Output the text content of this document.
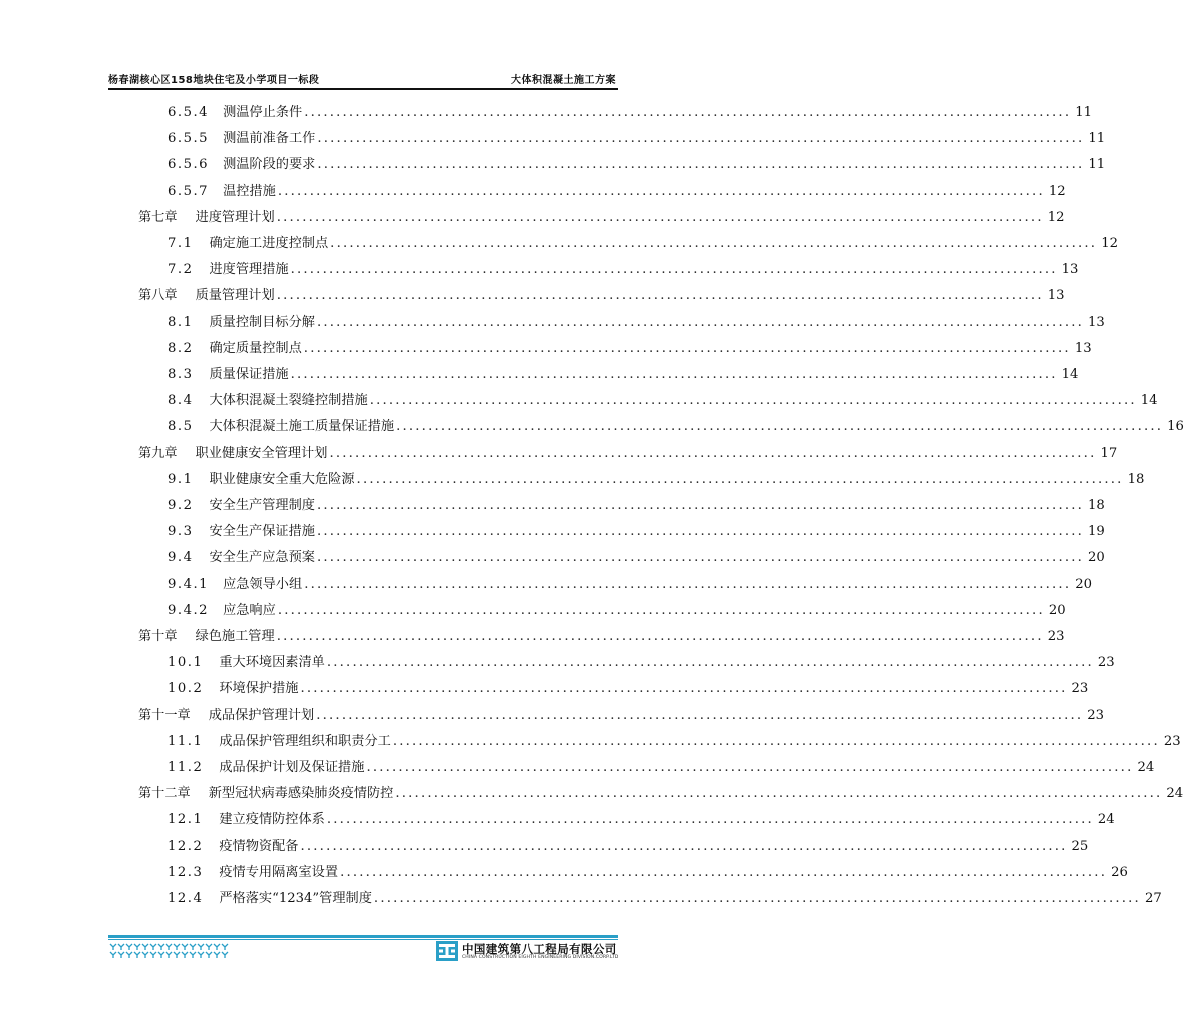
杨春湖核心区158地块住宅及小学项目一标段	大体积混凝土施工方案
6.5.4	测温停止条件 ........................................................................................................................ 11
6.5.5	测温前准备工作 ........................................................................................................................ 11
6.5.6	测温阶段的要求 ........................................................................................................................ 11
6.5.7	温控措施 ........................................................................................................................ 12
第七章	进度管理计划 ........................................................................................................................ 12
7.1	确定施工进度控制点 ........................................................................................................................ 12
7.2	进度管理措施 ........................................................................................................................ 13
第八章	质量管理计划 ........................................................................................................................ 13
8.1	质量控制目标分解 ........................................................................................................................ 13
8.2	确定质量控制点 ........................................................................................................................ 13
8.3	质量保证措施 ........................................................................................................................ 14
8.4	大体积混凝土裂缝控制措施 ........................................................................................................................ 14
8.5	大体积混凝土施工质量保证措施 ........................................................................................................................ 16
第九章	职业健康安全管理计划 ........................................................................................................................ 17
9.1	职业健康安全重大危险源 ........................................................................................................................ 18
9.2	安全生产管理制度 ........................................................................................................................ 18
9.3	安全生产保证措施 ........................................................................................................................ 19
9.4	安全生产应急预案 ........................................................................................................................ 20
9.4.1	应急领导小组 ........................................................................................................................ 20
9.4.2	应急响应 ........................................................................................................................ 20
第十章	绿色施工管理 ........................................................................................................................ 23
10.1	重大环境因素清单 ........................................................................................................................ 23
10.2	环境保护措施 ........................................................................................................................ 23
第十一章	成品保护管理计划 ........................................................................................................................ 23
11.1	成品保护管理组织和职责分工 ........................................................................................................................ 23
11.2	成品保护计划及保证措施 ........................................................................................................................ 24
第十二章	新型冠状病毒感染肺炎疫情防控 ........................................................................................................................ 24
12.1	建立疫情防控体系 ........................................................................................................................ 24
12.2	疫情物资配备 ........................................................................................................................ 25
12.3	疫情专用隔离室设置 ........................................................................................................................ 26
12.4	严格落实“1234”管理制度 ........................................................................................................................ 27
中国建筑第八工程局有限公司
CHINA CONSTRUCTION EIGHTH ENGINEERING DIVISION.CORP.LTD
